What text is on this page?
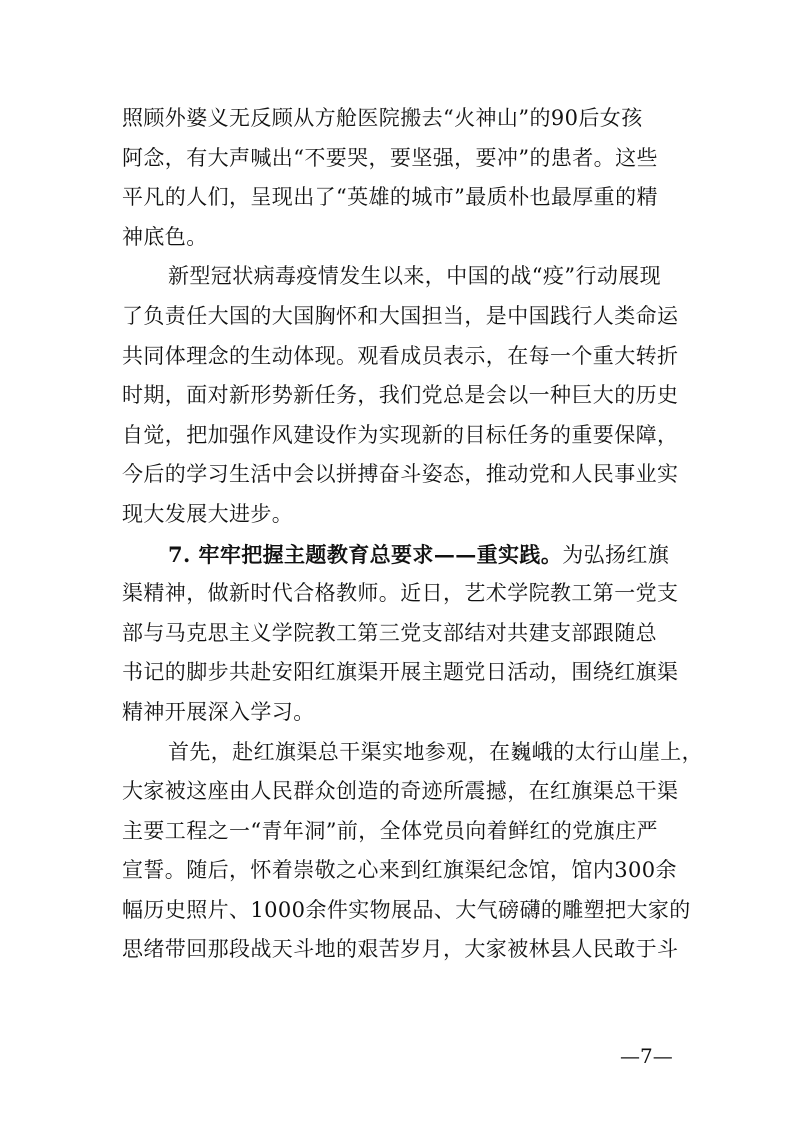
照顾外婆义无反顾从方舱医院搬去“火神山”的90后女孩
阿念，有大声喊出“不要哭，要坚强，要冲”的患者。这些
平凡的人们，呈现出了“英雄的城市”最质朴也最厚重的精
神底色。
新型冠状病毒疫情发生以来，中国的战“疫”行动展现
了负责任大国的大国胸怀和大国担当，是中国践行人类命运
共同体理念的生动体现。观看成员表示，在每一个重大转折
时期，面对新形势新任务，我们党总是会以一种巨大的历史
自觉，把加强作风建设作为实现新的目标任务的重要保障，
今后的学习生活中会以拼搏奋斗姿态，推动党和人民事业实
现大发展大进步。
7. 牢牢把握主题教育总要求——重实践。为弘扬红旗
渠精神，做新时代合格教师。近日，艺术学院教工第一党支
部与马克思主义学院教工第三党支部结对共建支部跟随总
书记的脚步共赴安阳红旗渠开展主题党日活动，围绕红旗渠
精神开展深入学习。
首先，赴红旗渠总干渠实地参观，在巍峨的太行山崖上，
大家被这座由人民群众创造的奇迹所震撼，在红旗渠总干渠
主要工程之一“青年洞”前，全体党员向着鲜红的党旗庄严
宣誓。随后，怀着崇敬之心来到红旗渠纪念馆，馆内300余
幅历史照片、1000余件实物展品、大气磅礴的雕塑把大家的
思绪带回那段战天斗地的艰苦岁月，大家被林县人民敢于斗
—7—
